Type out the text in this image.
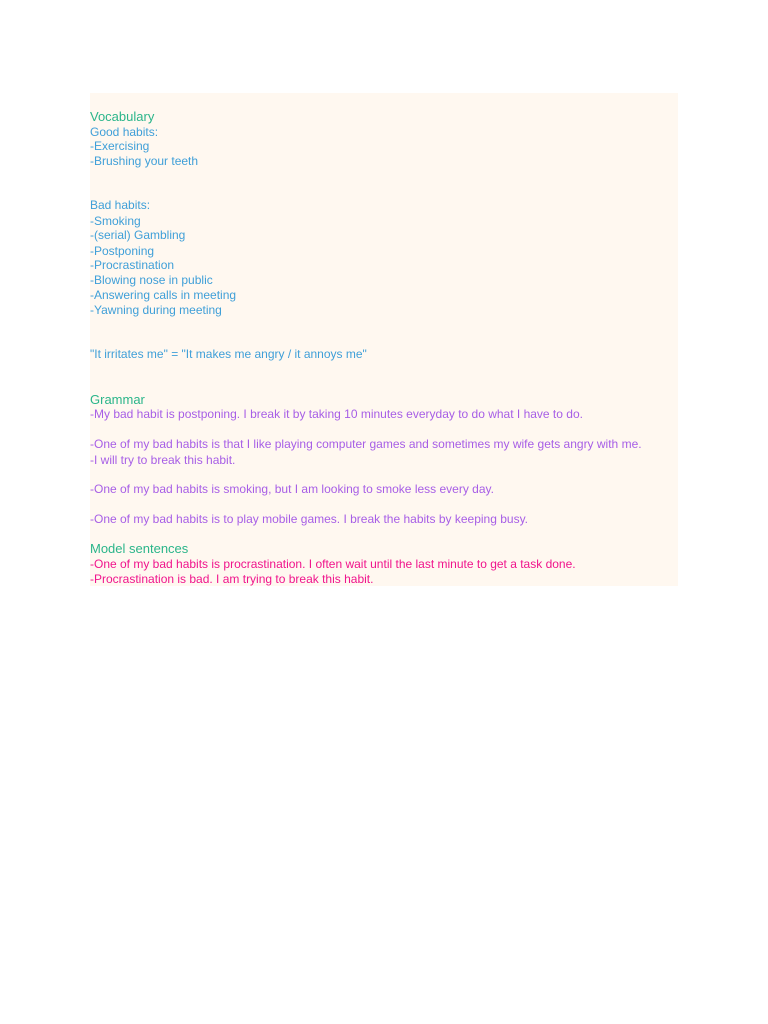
Vocabulary
Good habits:
-Exercising
-Brushing your teeth
Bad habits:
-Smoking
-(serial) Gambling
-Postponing
-Procrastination
-Blowing nose in public
-Answering calls in meeting
-Yawning during meeting
"It irritates me" = "It makes me angry / it annoys me"
Grammar
-My bad habit is postponing. I break it by taking 10 minutes everyday to do what I have to do.
-One of my bad habits is that I like playing computer games and sometimes my wife gets angry with me.
-I will try to break this habit.
-One of my bad habits is smoking, but I am looking to smoke less every day.
-One of my bad habits is to play mobile games. I break the habits by keeping busy.
Model sentences
-One of my bad habits is procrastination. I often wait until the last minute to get a task done.
-Procrastination is bad. I am trying to break this habit.
